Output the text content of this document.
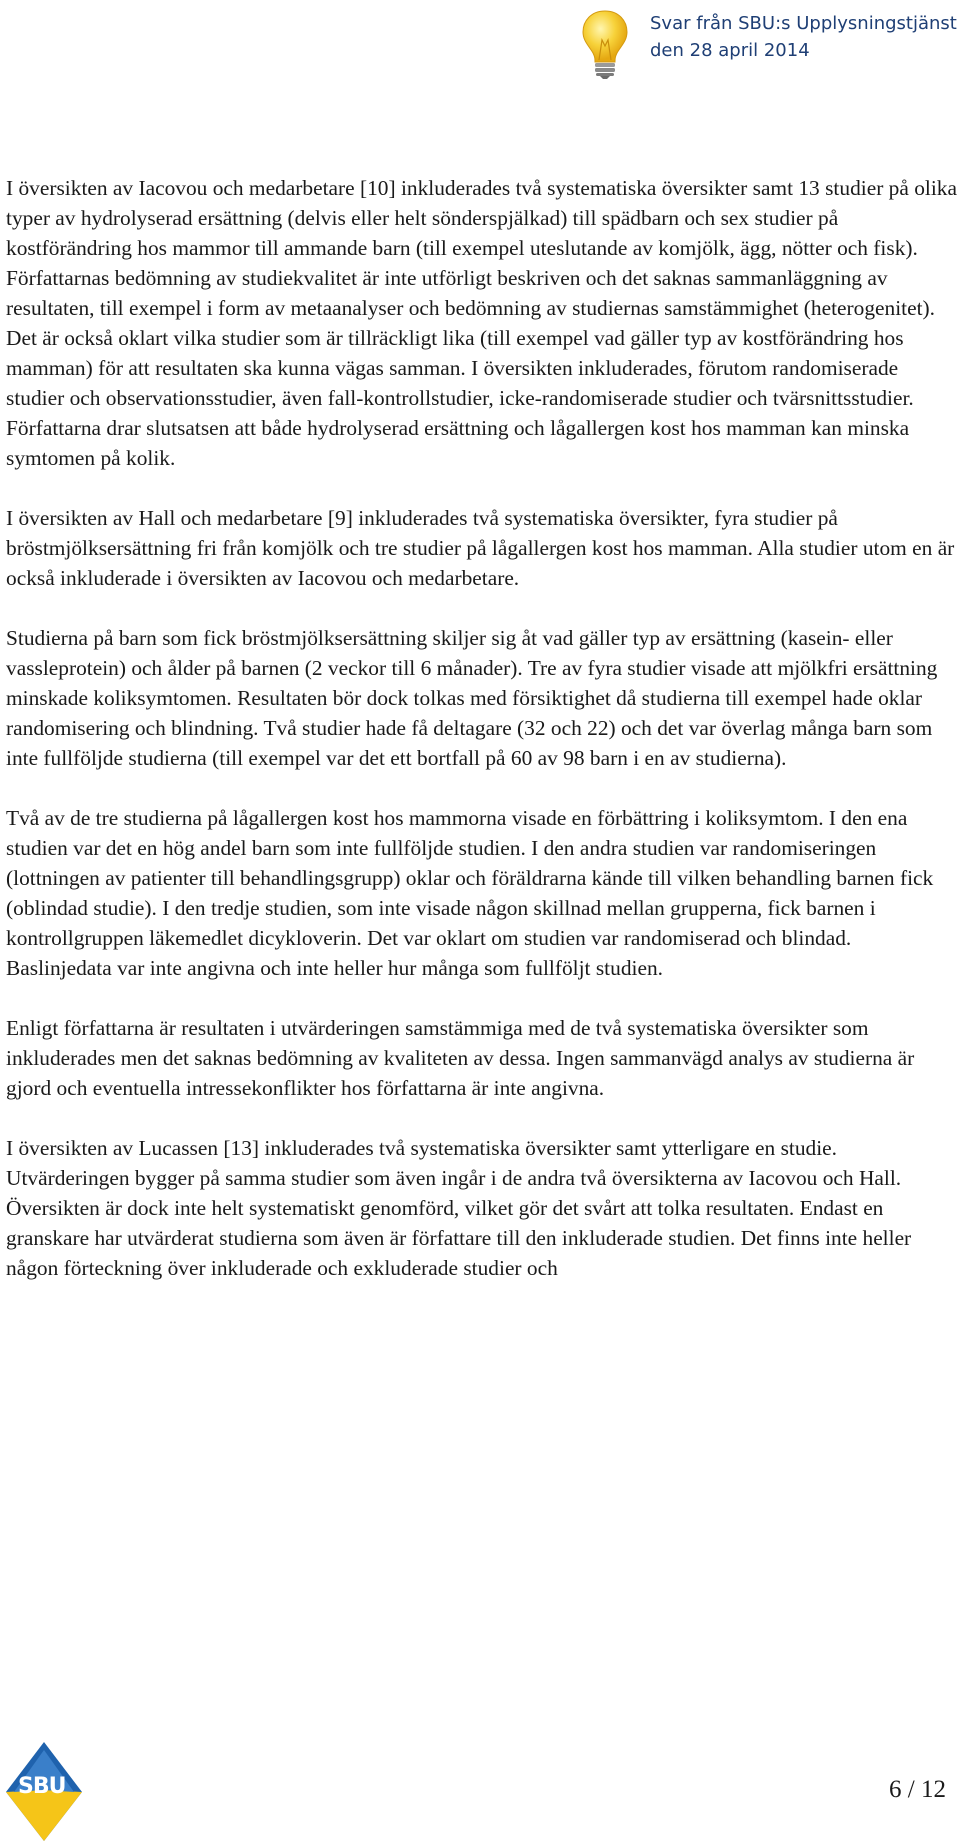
Svar från SBU:s Upplysningstjänst
den 28 april 2014

I översikten av Iacovou och medarbetare [10] inkluderades två systematiska översikter samt 13 studier på olika typer av hydrolyserad ersättning (delvis eller helt sönderspjälkad) till spädbarn och sex studier på kostförändring hos mammor till ammande barn (till exempel uteslutande av komjölk, ägg, nötter och fisk). Författarnas bedömning av studiekvalitet är inte utförligt beskriven och det saknas sammanläggning av resultaten, till exempel i form av metaanalyser och bedömning av studiernas samstämmighet (heterogenitet). Det är också oklart vilka studier som är tillräckligt lika (till exempel vad gäller typ av kostförändring hos mamman) för att resultaten ska kunna vägas samman. I översikten inkluderades, förutom randomiserade studier och observationsstudier, även fall-kontrollstudier, icke-randomiserade studier och tvärsnittsstudier. Författarna drar slutsatsen att både hydrolyserad ersättning och lågallergen kost hos mamman kan minska symtomen på kolik.

I översikten av Hall och medarbetare [9] inkluderades två systematiska översikter, fyra studier på bröstmjölksersättning fri från komjölk och tre studier på lågallergen kost hos mamman. Alla studier utom en är också inkluderade i översikten av Iacovou och medarbetare.

Studierna på barn som fick bröstmjölksersättning skiljer sig åt vad gäller typ av ersättning (kasein- eller vassleprotein) och ålder på barnen (2 veckor till 6 månader). Tre av fyra studier visade att mjölkfri ersättning minskade koliksymtomen. Resultaten bör dock tolkas med försiktighet då studierna till exempel hade oklar randomisering och blindning. Två studier hade få deltagare (32 och 22) och det var överlag många barn som inte fullföljde studierna (till exempel var det ett bortfall på 60 av 98 barn i en av studierna).

Två av de tre studierna på lågallergen kost hos mammorna visade en förbättring i koliksymtom. I den ena studien var det en hög andel barn som inte fullföljde studien. I den andra studien var randomiseringen (lottningen av patienter till behandlingsgrupp) oklar och föräldrarna kände till vilken behandling barnen fick (oblindad studie). I den tredje studien, som inte visade någon skillnad mellan grupperna, fick barnen i kontrollgruppen läkemedlet dicykloverin. Det var oklart om studien var randomiserad och blindad. Baslinjedata var inte angivna och inte heller hur många som fullföljt studien.

Enligt författarna är resultaten i utvärderingen samstämmiga med de två systematiska översikter som inkluderades men det saknas bedömning av kvaliteten av dessa. Ingen sammanvägd analys av studierna är gjord och eventuella intressekonflikter hos författarna är inte angivna.

I översikten av Lucassen [13] inkluderades två systematiska översikter samt ytterligare en studie. Utvärderingen bygger på samma studier som även ingår i de andra två översikterna av Iacovou och Hall. Översikten är dock inte helt systematiskt genomförd, vilket gör det svårt att tolka resultaten. Endast en granskare har utvärderat studierna som även är författare till den inkluderade studien. Det finns inte heller någon förteckning över inkluderade och exkluderade studier och

SBU	6 / 12
